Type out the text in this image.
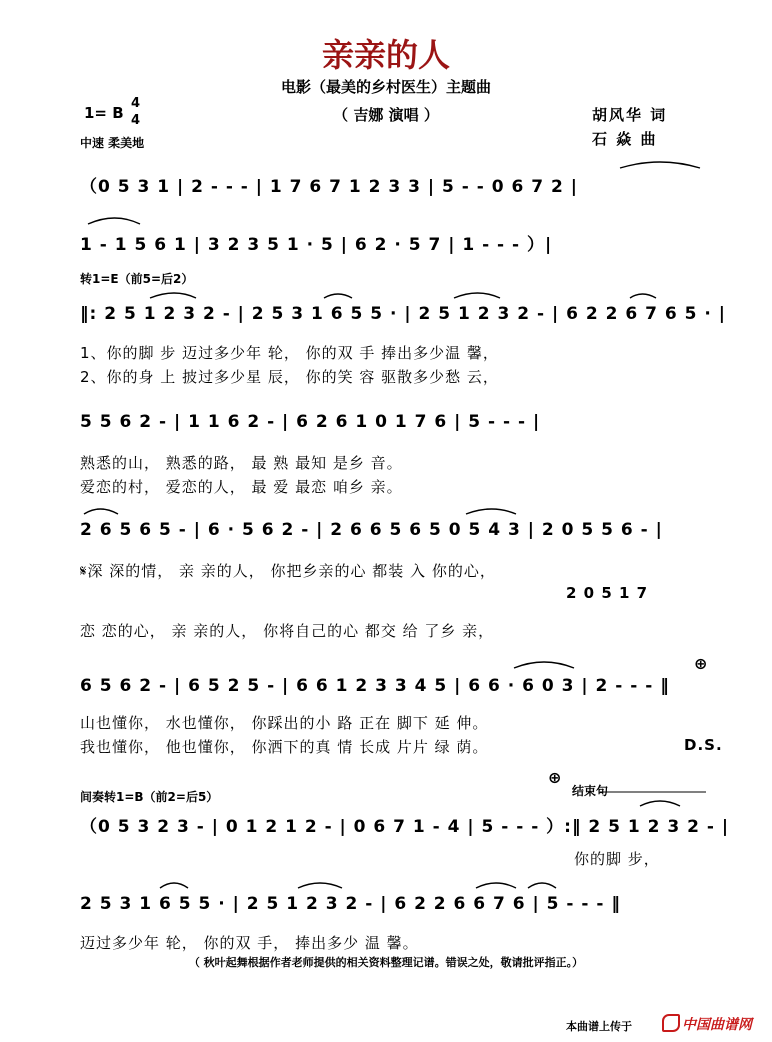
亲亲的人
电影（最美的乡村医生）主题曲
（ 吉娜 演唱 ）
1= B
4
4
中速 柔美地
胡风华 词
石 焱 曲
（0 5 3 1 | 2 - - - | 1 7 6 7 1 2 3 3 | 5 - - 0 6 7 2 |
1 - 1 5 6 1 | 3 2 3 5 1 · 5 | 6 2 · 5 7 | 1 - - - ）|
转1=E（前5=后2）
‖: 2 5 1 2 3 2 - | 2 5 3 1 6 5 5 · | 2 5 1 2 3 2 - | 6 2 2 6 7 6 5 · |
1、你的脚 步 迈过多少年 轮， 你的双 手 捧出多少温 馨，
2、你的身 上 披过多少星 辰， 你的笑 容 驱散多少愁 云，
5 5 6 2 - | 1 1 6 2 - | 6 2 6 1 0 1 7 6 | 5 - - - |
熟悉的山， 熟悉的路， 最 熟 最知 是乡 音。
爱恋的村， 爱恋的人， 最 爱 最恋 咱乡 亲。
2 6 5 6 5 - | 6 · 5 6 2 - | 2 6 6 5 6 5 0 5 4 3 | 2 0 5 5 6 - |
𝄋深 深的情， 亲 亲的人， 你把乡亲的心 都装 入 你的心，
2 0 5 1 7
恋 恋的心， 亲 亲的人， 你将自己的心 都交 给 了乡 亲，
⊕
6 5 6 2 - | 6 5 2 5 - | 6 6 1 2 3 3 4 5 | 6 6 · 6 0 3 | 2 - - - ‖
山也懂你， 水也懂你， 你踩出的小 路 正在 脚下 延 伸。
我也懂你， 他也懂你， 你洒下的真 情 长成 片片 绿 荫。	D.S.
间奏转1=B（前2=后5）
⊕
结束句
（0 5 3 2 3 - | 0 1 2 1 2 - | 0 6 7 1 - 4 | 5 - - - ）:‖ 2 5 1 2 3 2 - |
你的脚 步，
2 5 3 1 6 5 5 · | 2 5 1 2 3 2 - | 6 2 2 6 6 7 6 | 5 - - - ‖
迈过多少年 轮， 你的双 手， 捧出多少 温 馨。
（ 秋叶起舞根据作者老师提供的相关资料整理记谱。错误之处，敬请批评指正。）
本曲谱上传于	中国曲谱网
